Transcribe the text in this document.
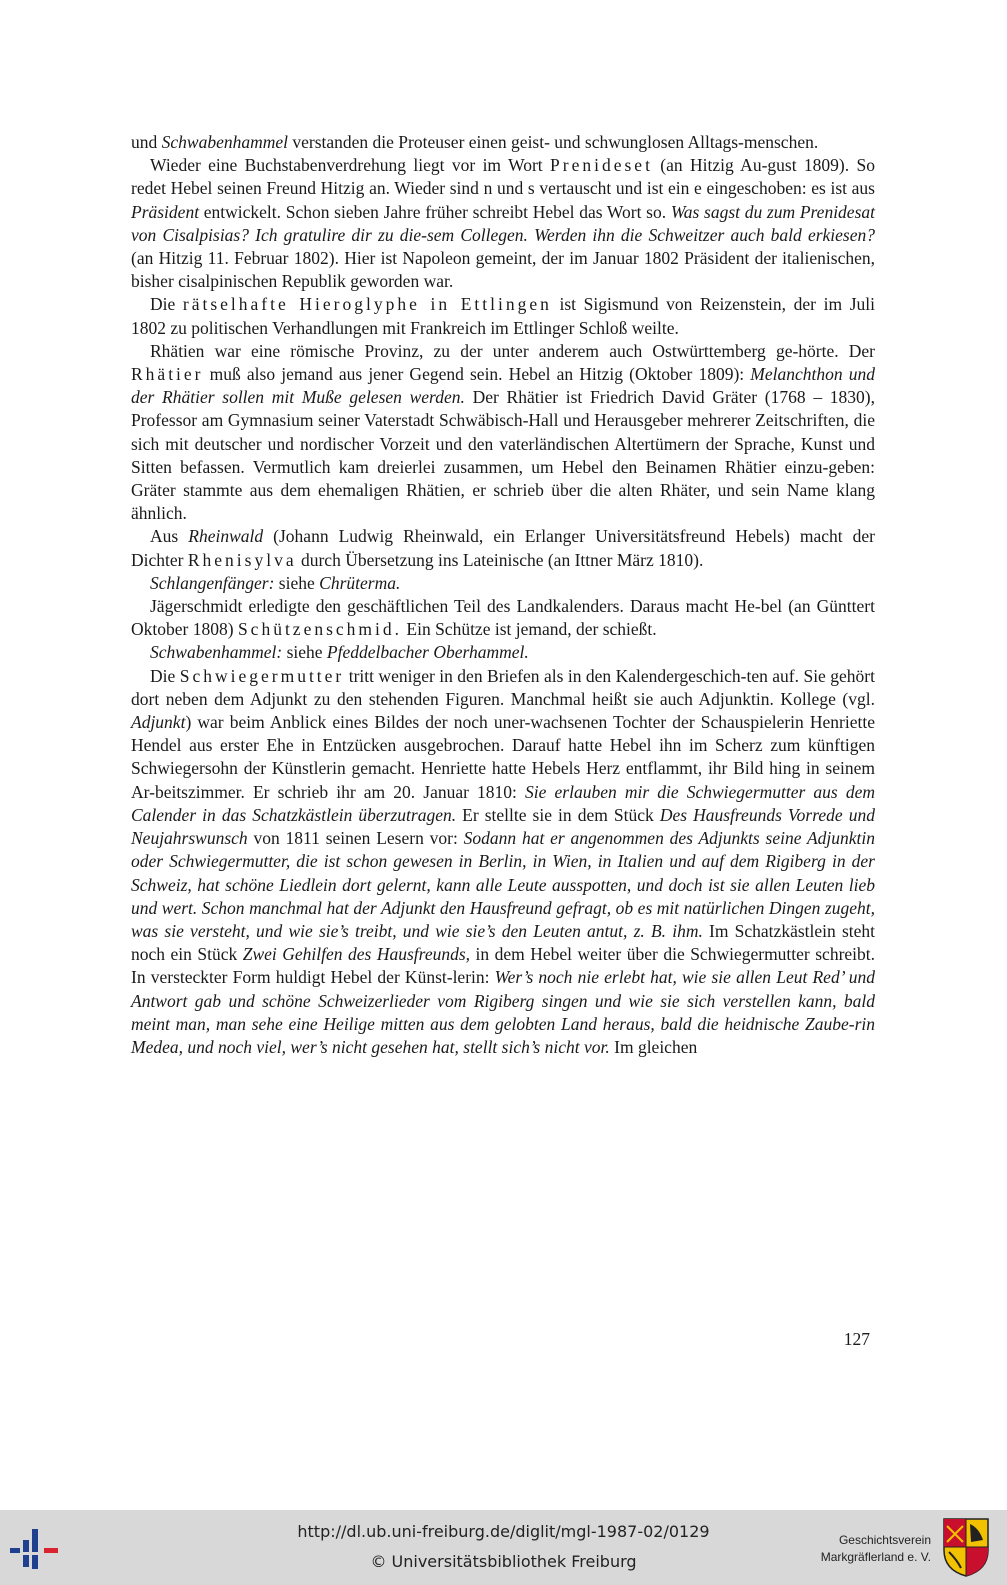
und Schwabenhammel verstanden die Proteuser einen geist- und schwunglosen Alltags-menschen.

Wieder eine Buchstabenverdrehung liegt vor im Wort Prenideset (an Hitzig Au-gust 1809). So redet Hebel seinen Freund Hitzig an. Wieder sind n und s vertauscht und ist ein e eingeschoben: es ist aus Präsident entwickelt. Schon sieben Jahre früher schreibt Hebel das Wort so. Was sagst du zum Prenidesat von Cisalpisias? Ich gratulire dir zu die-sem Collegen. Werden ihn die Schweitzer auch bald erkiesen? (an Hitzig 11. Februar 1802). Hier ist Napoleon gemeint, der im Januar 1802 Präsident der italienischen, bisher cisalpinischen Republik geworden war.

Die rätselhafte Hieroglyphe in Ettlingen ist Sigismund von Reizenstein, der im Juli 1802 zu politischen Verhandlungen mit Frankreich im Ettlinger Schloß weilte.

Rhätien war eine römische Provinz, zu der unter anderem auch Ostwürttemberg ge-hörte. Der Rhätier muß also jemand aus jener Gegend sein. Hebel an Hitzig (Oktober 1809): Melanchthon und der Rhätier sollen mit Muße gelesen werden. Der Rhätier ist Friedrich David Gräter (1768 – 1830), Professor am Gymnasium seiner Vaterstadt Schwäbisch-Hall und Herausgeber mehrerer Zeitschriften, die sich mit deutscher und nordischer Vorzeit und den vaterländischen Altertümern der Sprache, Kunst und Sitten befassen. Vermutlich kam dreierlei zusammen, um Hebel den Beinamen Rhätier einzu-geben: Gräter stammte aus dem ehemaligen Rhätien, er schrieb über die alten Rhäter, und sein Name klang ähnlich.

Aus Rheinwald (Johann Ludwig Rheinwald, ein Erlanger Universitätsfreund Hebels) macht der Dichter Rhenisylva durch Übersetzung ins Lateinische (an Ittner März 1810).

Schlangenfänger: siehe Chrüterma.

Jägerschmidt erledigte den geschäftlichen Teil des Landkalenders. Daraus macht He-bel (an Günttert Oktober 1808) Schützenschmid. Ein Schütze ist jemand, der schießt.

Schwabenhammel: siehe Pfeddelbacher Oberhammel.

Die Schwiegermutter tritt weniger in den Briefen als in den Kalendergeschich-ten auf. Sie gehört dort neben dem Adjunkt zu den stehenden Figuren. Manchmal heißt sie auch Adjunktin. Kollege (vgl. Adjunkt) war beim Anblick eines Bildes der noch uner-wachsenen Tochter der Schauspielerin Henriette Hendel aus erster Ehe in Entzücken ausgebrochen. Darauf hatte Hebel ihn im Scherz zum künftigen Schwiegersohn der Künstlerin gemacht. Henriette hatte Hebels Herz entflammt, ihr Bild hing in seinem Ar-beitszimmer. Er schrieb ihr am 20. Januar 1810: Sie erlauben mir die Schwiegermutter aus dem Calender in das Schatzkästlein überzutragen. Er stellte sie in dem Stück Des Hausfreunds Vorrede und Neujahrswunsch von 1811 seinen Lesern vor: Sodann hat er angenommen des Adjunkts seine Adjunktin oder Schwiegermutter, die ist schon gewesen in Berlin, in Wien, in Italien und auf dem Rigiberg in der Schweiz, hat schöne Liedlein dort gelernt, kann alle Leute ausspotten, und doch ist sie allen Leuten lieb und wert. Schon manchmal hat der Adjunkt den Hausfreund gefragt, ob es mit natürlichen Dingen zugeht, was sie versteht, und wie sie’s treibt, und wie sie’s den Leuten antut, z. B. ihm. Im Schatzkästlein steht noch ein Stück Zwei Gehilfen des Hausfreunds, in dem Hebel weiter über die Schwiegermutter schreibt. In versteckter Form huldigt Hebel der Künst-lerin: Wer’s noch nie erlebt hat, wie sie allen Leut Red’ und Antwort gab und schöne Schweizerlieder vom Rigiberg singen und wie sie sich verstellen kann, bald meint man, man sehe eine Heilige mitten aus dem gelobten Land heraus, bald die heidnische Zaube-rin Medea, und noch viel, wer’s nicht gesehen hat, stellt sich’s nicht vor. Im gleichen

127
http://dl.ub.uni-freiburg.de/diglit/mgl-1987-02/0129
© Universitätsbibliothek Freiburg
Geschichtsverein
Markgräflerland e. V.
